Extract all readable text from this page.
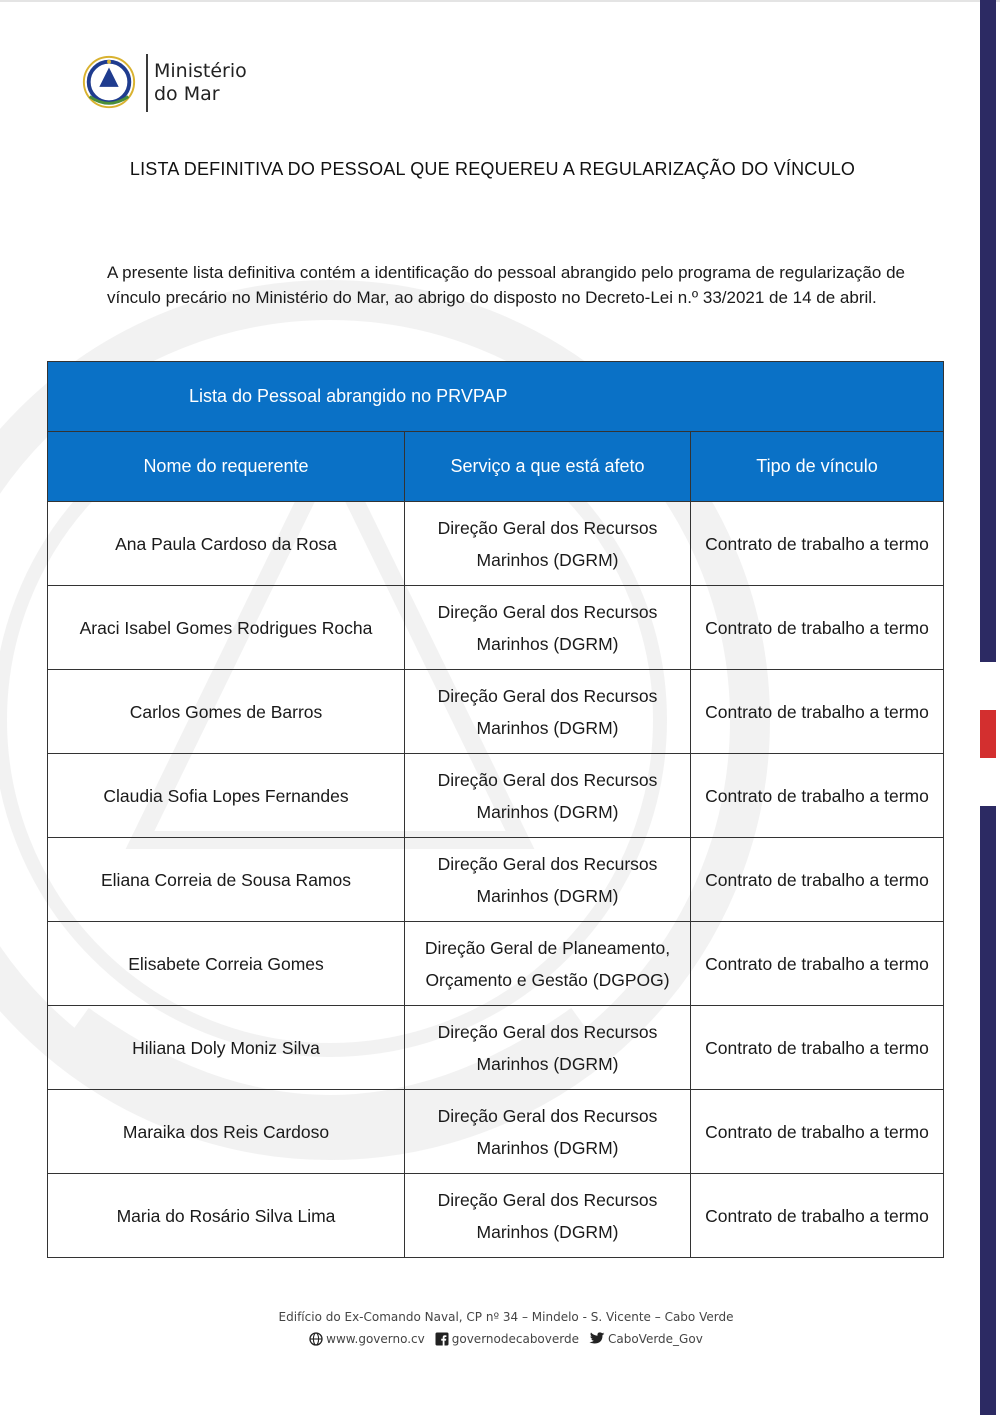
Ministério
do Mar
LISTA DEFINITIVA DO PESSOAL QUE REQUEREU A REGULARIZAÇÃO DO VÍNCULO
A presente lista definitiva contém a identificação do pessoal abrangido pelo programa de regularização de vínculo precário no Ministério do Mar, ao abrigo do disposto no Decreto-Lei n.º 33/2021 de 14 de abril.
Lista do Pessoal abrangido no PRVPAP		
Nome do requerente	Serviço a que está afeto	Tipo de vínculo
Ana Paula Cardoso da Rosa	Direção Geral dos Recursos Marinhos (DGRM)	Contrato de trabalho a termo
Araci Isabel Gomes Rodrigues Rocha	Direção Geral dos Recursos Marinhos (DGRM)	Contrato de trabalho a termo
Carlos Gomes de Barros	Direção Geral dos Recursos Marinhos (DGRM)	Contrato de trabalho a termo
Claudia Sofia Lopes Fernandes	Direção Geral dos Recursos Marinhos (DGRM)	Contrato de trabalho a termo
Eliana Correia de Sousa Ramos	Direção Geral dos Recursos Marinhos (DGRM)	Contrato de trabalho a termo
Elisabete Correia Gomes	Direção Geral de Planeamento, Orçamento e Gestão (DGPOG)	Contrato de trabalho a termo
Hiliana Doly Moniz Silva	Direção Geral dos Recursos Marinhos (DGRM)	Contrato de trabalho a termo
Maraika dos Reis Cardoso	Direção Geral dos Recursos Marinhos (DGRM)	Contrato de trabalho a termo
Maria do Rosário Silva Lima	Direção Geral dos Recursos Marinhos (DGRM)	Contrato de trabalho a termo
Edifício do Ex-Comando Naval, CP nº 34 – Mindelo - S. Vicente – Cabo Verde
www.governo.cv governodecaboverde CaboVerde_Gov
